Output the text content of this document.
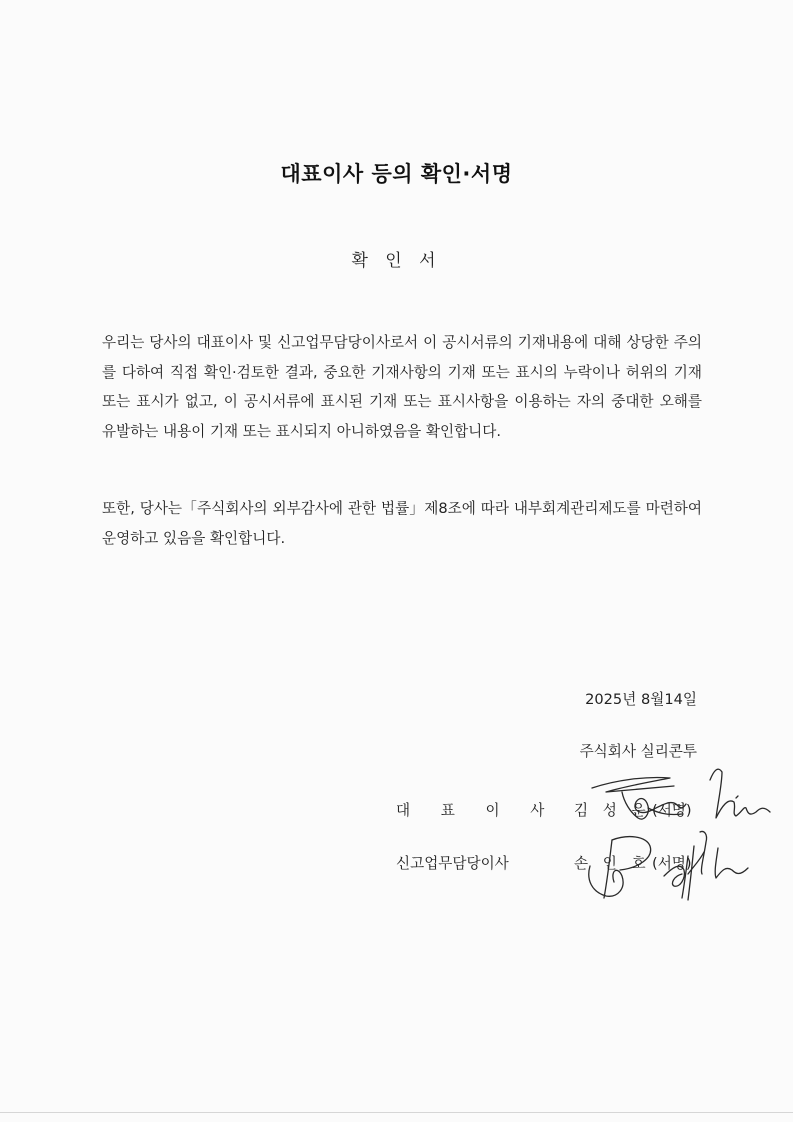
대표이사 등의 확인·서명
확 인 서

우리는 당사의 대표이사 및 신고업무담당이사로서 이 공시서류의 기재내용에 대해 상당한 주의를 다하여 직접 확인·검토한 결과, 중요한 기재사항의 기재 또는 표시의 누락이나 허위의 기재 또는 표시가 없고, 이 공시서류에 표시된 기재 또는 표시사항을 이용하는 자의 중대한 오해를 유발하는 내용이 기재 또는 표시되지 아니하였음을 확인합니다.

또한, 당사는「주식회사의 외부감사에 관한 법률」제8조에 따라 내부회계관리제도를 마련하여 운영하고 있음을 확인합니다.

2025년 8월14일
주식회사 실리콘투
대 표 이 사 김 성 운 (서명)
신고업무담당이사	손 인 호 (서명)
